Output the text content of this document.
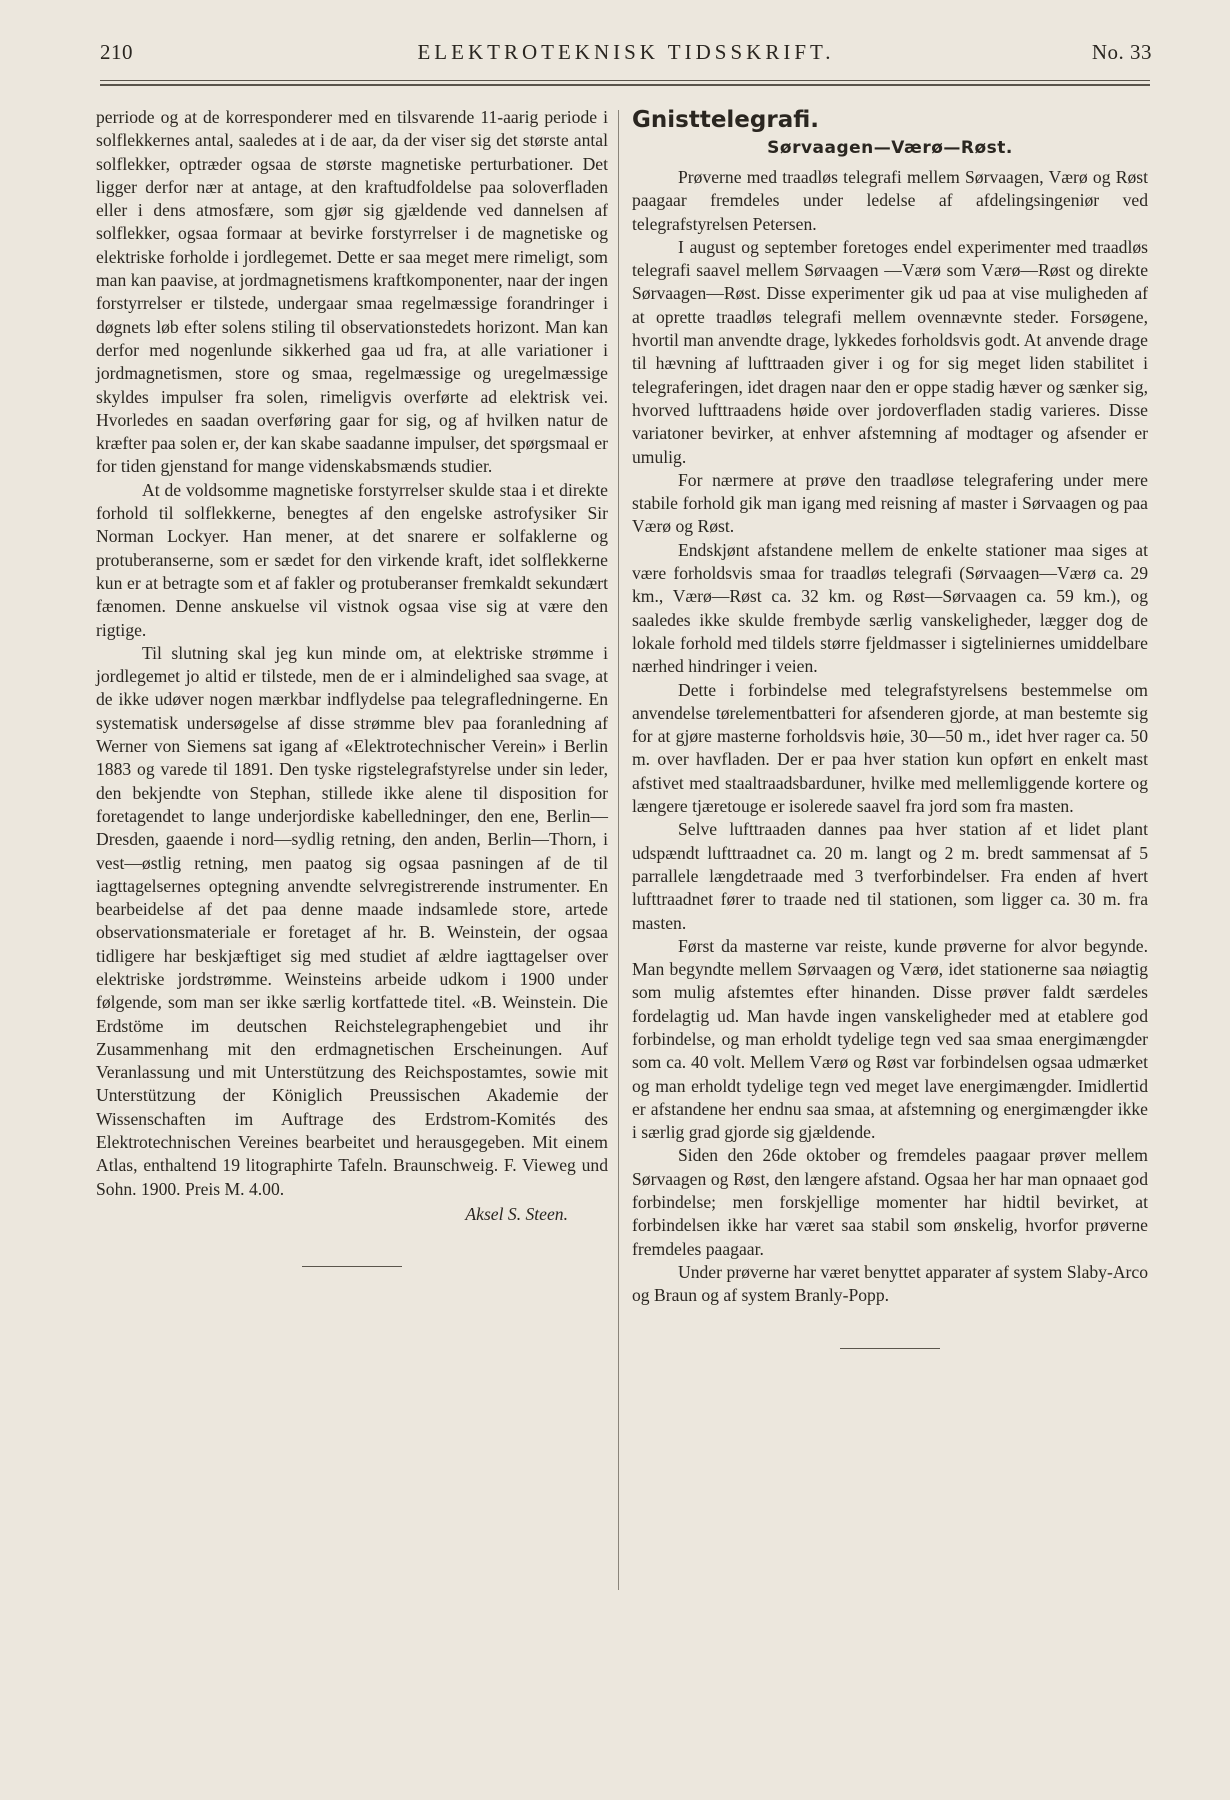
210	ELEKTROTEKNISK TIDSSKRIFT.	No. 33

perriode og at de korresponderer med en tilsvarende 11-aarig periode i solflekkernes antal, saaledes at i de aar, da der viser sig det største antal solflekker, optræder ogsaa de største magnetiske perturbationer. Det ligger derfor nær at antage, at den kraftudfoldelse paa soloverfladen eller i dens atmosfære, som gjør sig gjældende ved dannelsen af solflekker, ogsaa formaar at bevirke forstyrrelser i de magnetiske og elektriske forholde i jordlegemet. Dette er saa meget mere rimeligt, som man kan paavise, at jordmagnetismens kraftkomponenter, naar der ingen forstyrrelser er tilstede, undergaar smaa regelmæssige forandringer i døgnets løb efter solens stiling til observationstedets horizont. Man kan derfor med nogenlunde sikkerhed gaa ud fra, at alle variationer i jordmagnetismen, store og smaa, regelmæssige og uregelmæssige skyldes impulser fra solen, rimeligvis overførte ad elektrisk vei. Hvorledes en saadan overføring gaar for sig, og af hvilken natur de kræfter paa solen er, der kan skabe saadanne impulser, det spørgsmaal er for tiden gjenstand for mange videnskabsmænds studier.

At de voldsomme magnetiske forstyrrelser skulde staa i et direkte forhold til solflekkerne, benegtes af den engelske astrofysiker Sir Norman Lockyer. Han mener, at det snarere er solfaklerne og protuberanserne, som er sædet for den virkende kraft, idet solflekkerne kun er at betragte som et af fakler og protuberanser fremkaldt sekundært fænomen. Denne anskuelse vil vistnok ogsaa vise sig at være den rigtige.

Til slutning skal jeg kun minde om, at elektriske strømme i jordlegemet jo altid er tilstede, men de er i almindelighed saa svage, at de ikke udøver nogen mærkbar indflydelse paa telegrafledningerne. En systematisk undersøgelse af disse strømme blev paa foranledning af Werner von Siemens sat igang af «Elektrotechnischer Verein» i Berlin 1883 og varede til 1891. Den tyske rigstelegrafstyrelse under sin leder, den bekjendte von Stephan, stillede ikke alene til disposition for foretagendet to lange underjordiske kabelledninger, den ene, Berlin—Dresden, gaaende i nord—sydlig retning, den anden, Berlin—Thorn, i vest—østlig retning, men paatog sig ogsaa pasningen af de til iagttagelsernes optegning anvendte selvregistrerende instrumenter. En bearbeidelse af det paa denne maade indsamlede store, artede observationsmateriale er foretaget af hr. B. Weinstein, der ogsaa tidligere har beskjæftiget sig med studiet af ældre iagttagelser over elektriske jordstrømme. Weinsteins arbeide udkom i 1900 under følgende, som man ser ikke særlig kortfattede titel. «B. Weinstein. Die Erdstöme im deutschen Reichstelegraphengebiet und ihr Zusammenhang mit den erdmagnetischen Erscheinungen. Auf Veranlassung und mit Unterstützung des Reichspostamtes, sowie mit Unterstützung der Königlich Preussischen Akademie der Wissenschaften im Auftrage des Erdstrom-Komités des Elektrotechnischen Vereines bearbeitet und herausgegeben. Mit einem Atlas, enthaltend 19 litographirte Tafeln. Braunschweig. F. Vieweg und Sohn. 1900. Preis M. 4.00.

Aksel S. Steen.
Gnisttelegrafi.
Sørvaagen—Værø—Røst.

Prøverne med traadløs telegrafi mellem Sørvaagen, Værø og Røst paagaar fremdeles under ledelse af afdelingsingeniør ved telegrafstyrelsen Petersen.

I august og september foretoges endel experimenter med traadløs telegrafi saavel mellem Sørvaagen —Værø som Værø—Røst og direkte Sørvaagen—Røst. Disse experimenter gik ud paa at vise muligheden af at oprette traadløs telegrafi mellem ovennævnte steder. Forsøgene, hvortil man anvendte drage, lykkedes forholdsvis godt. At anvende drage til hævning af lufttraaden giver i og for sig meget liden stabilitet i telegraferingen, idet dragen naar den er oppe stadig hæver og sænker sig, hvorved lufttraadens høide over jordoverfladen stadig varieres. Disse variatoner bevirker, at enhver afstemning af modtager og afsender er umulig.

For nærmere at prøve den traadløse telegrafering under mere stabile forhold gik man igang med reisning af master i Sørvaagen og paa Værø og Røst.

Endskjønt afstandene mellem de enkelte stationer maa siges at være forholdsvis smaa for traadløs telegrafi (Sørvaagen—Værø ca. 29 km., Værø—Røst ca. 32 km. og Røst—Sørvaagen ca. 59 km.), og saaledes ikke skulde frembyde særlig vanskeligheder, lægger dog de lokale forhold med tildels større fjeldmasser i sigteliniernes umiddelbare nærhed hindringer i veien.

Dette i forbindelse med telegrafstyrelsens bestemmelse om anvendelse tørelementbatteri for afsenderen gjorde, at man bestemte sig for at gjøre masterne forholdsvis høie, 30—50 m., idet hver rager ca. 50 m. over havfladen. Der er paa hver station kun opført en enkelt mast afstivet med staaltraadsbarduner, hvilke med mellemliggende kortere og længere tjæretouge er isolerede saavel fra jord som fra masten.

Selve lufttraaden dannes paa hver station af et lidet plant udspændt lufttraadnet ca. 20 m. langt og 2 m. bredt sammensat af 5 parrallele længdetraade med 3 tverforbindelser. Fra enden af hvert lufttraadnet fører to traade ned til stationen, som ligger ca. 30 m. fra masten.

Først da masterne var reiste, kunde prøverne for alvor begynde. Man begyndte mellem Sørvaagen og Værø, idet stationerne saa nøiagtig som mulig afstemtes efter hinanden. Disse prøver faldt særdeles fordelagtig ud. Man havde ingen vanskeligheder med at etablere god forbindelse, og man erholdt tydelige tegn ved saa smaa energimængder som ca. 40 volt. Mellem Værø og Røst var forbindelsen ogsaa udmærket og man erholdt tydelige tegn ved meget lave energimængder. Imidlertid er afstandene her endnu saa smaa, at afstemning og energimængder ikke i særlig grad gjorde sig gjældende.

Siden den 26de oktober og fremdeles paagaar prøver mellem Sørvaagen og Røst, den længere afstand. Ogsaa her har man opnaaet god forbindelse; men forskjellige momenter har hidtil bevirket, at forbindelsen ikke har været saa stabil som ønskelig, hvorfor prøverne fremdeles paagaar.

Under prøverne har været benyttet apparater af system Slaby-Arco og Braun og af system Branly-Popp.
